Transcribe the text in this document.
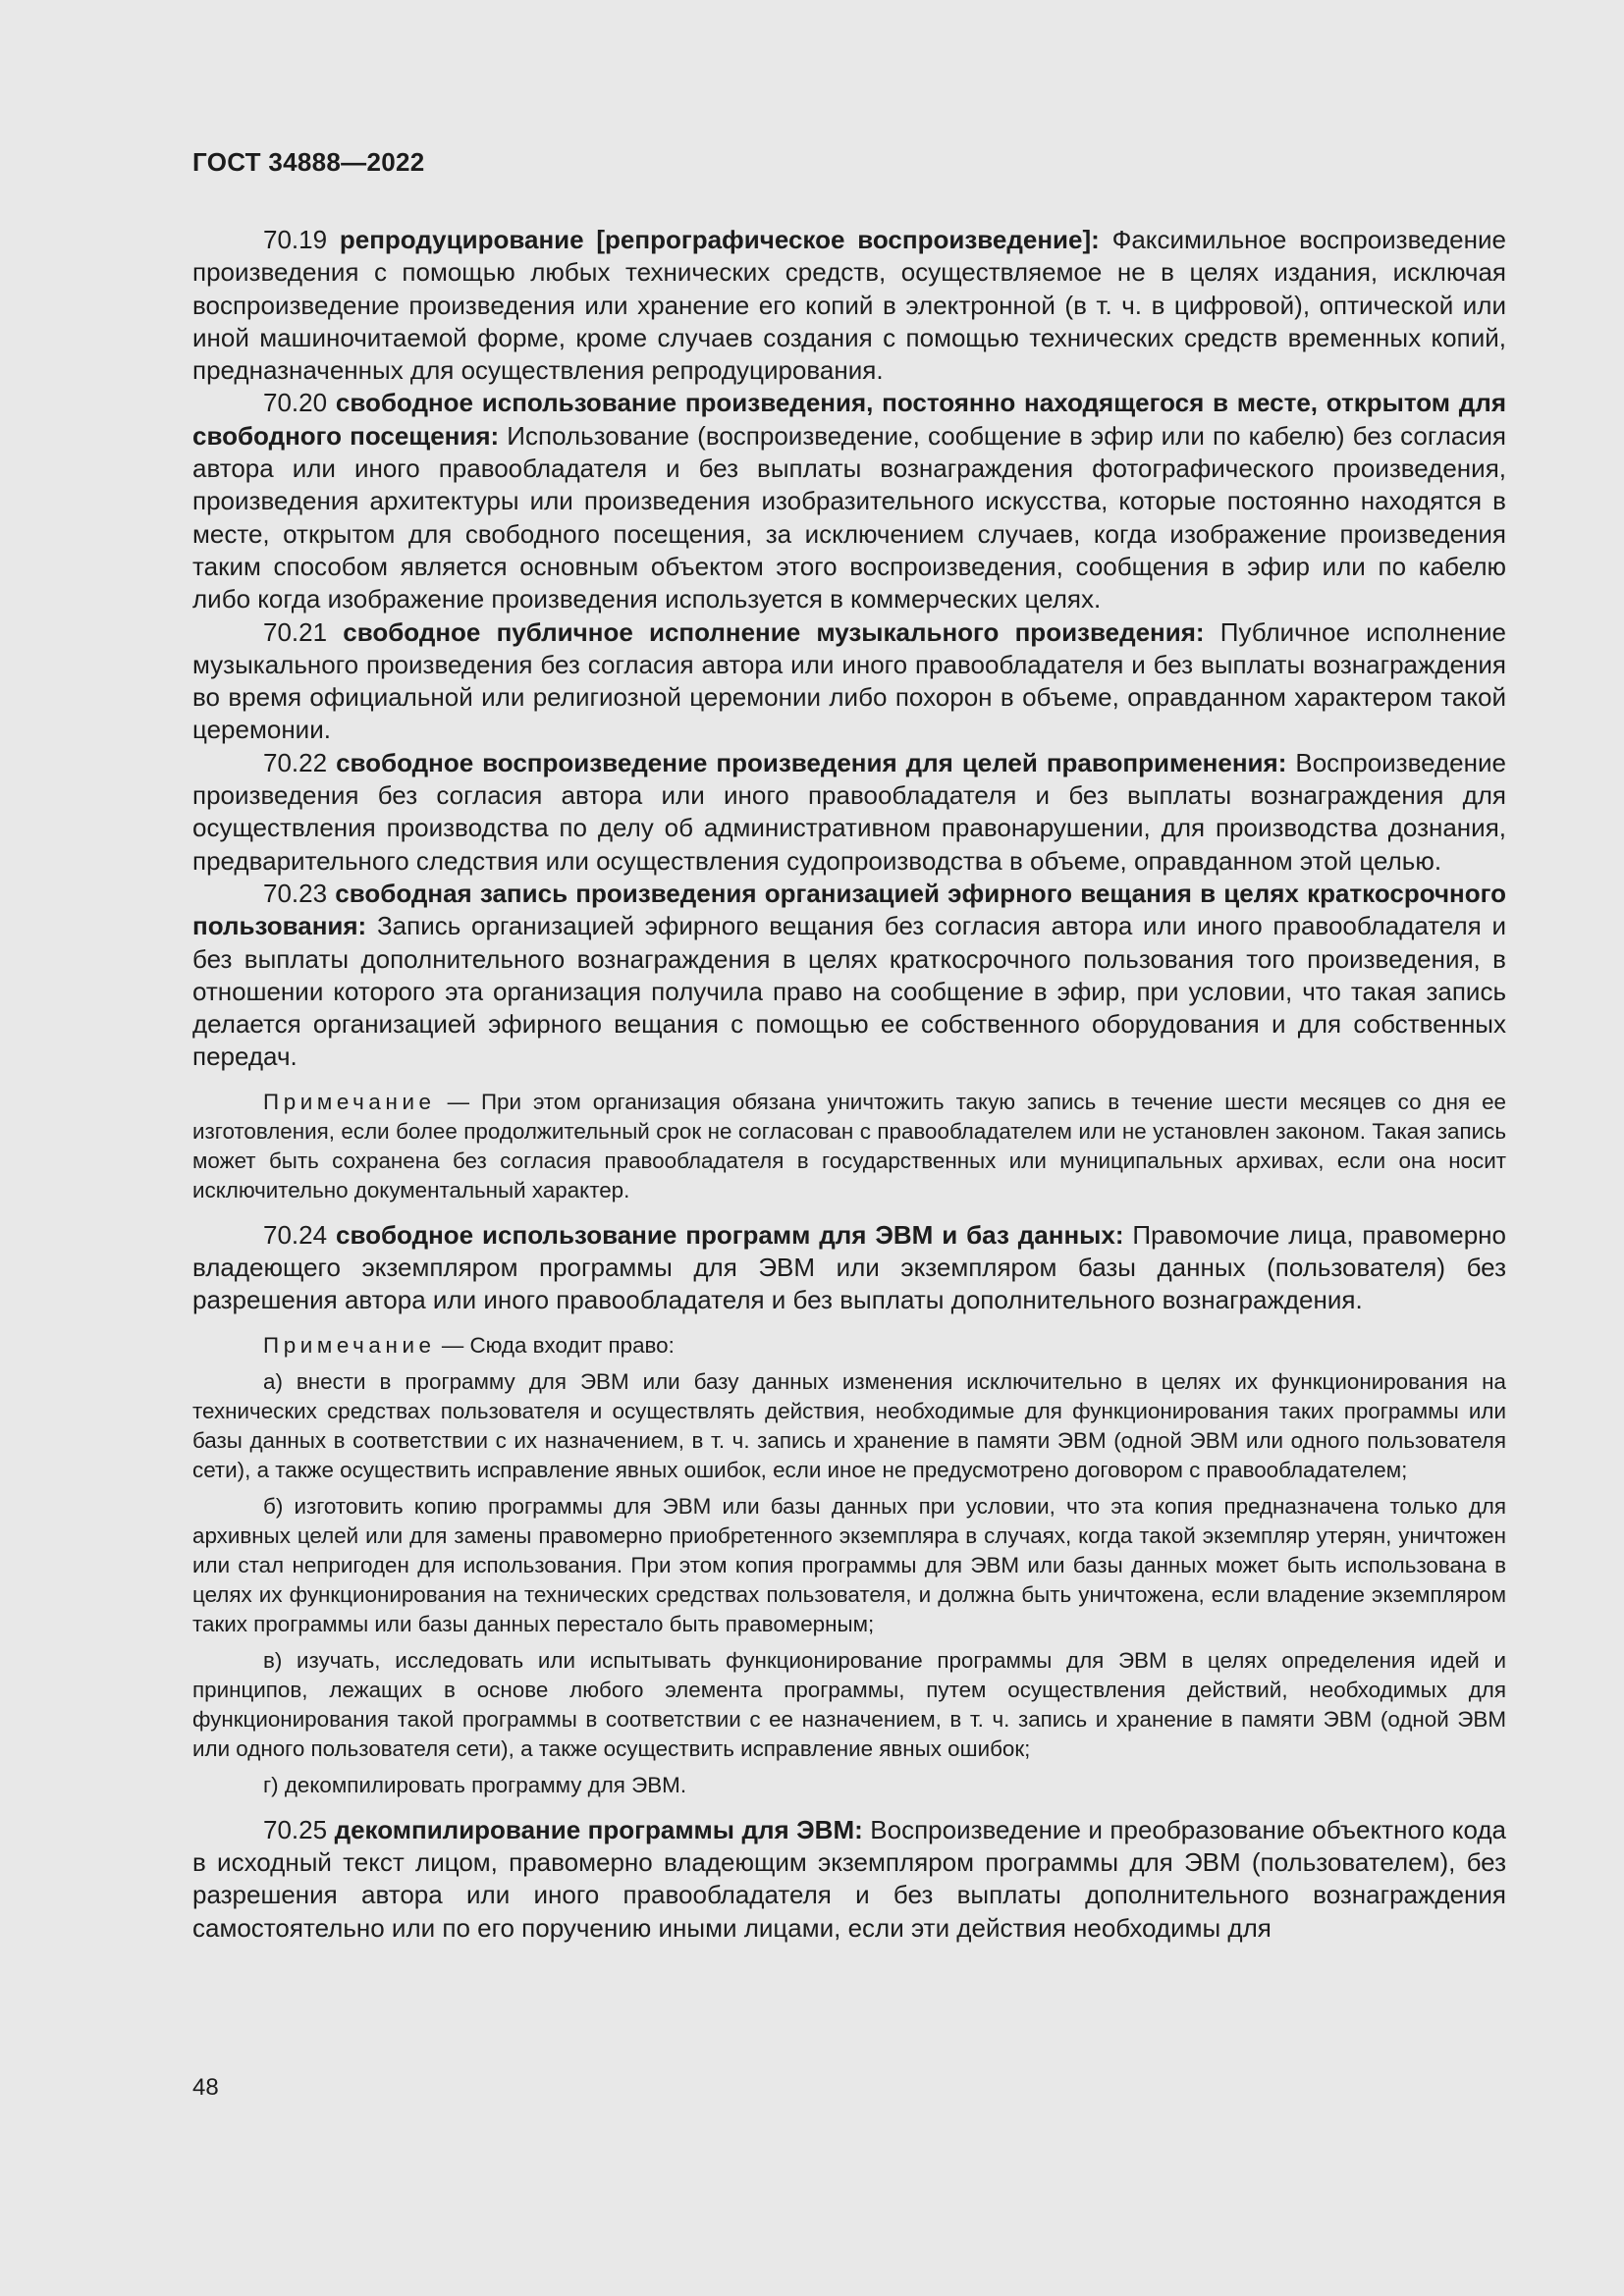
ГОСТ 34888—2022

70.19 репродуцирование [репрографическое воспроизведение]: Факсимильное воспроизведение произведения с помощью любых технических средств, осуществляемое не в целях издания, исключая воспроизведение произведения или хранение его копий в электронной (в т. ч. в цифровой), оптической или иной машиночитаемой форме, кроме случаев создания с помощью технических средств временных копий, предназначенных для осуществления репродуцирования.

70.20 свободное использование произведения, постоянно находящегося в месте, открытом для свободного посещения: Использование (воспроизведение, сообщение в эфир или по кабелю) без согласия автора или иного правообладателя и без выплаты вознаграждения фотографического произведения, произведения архитектуры или произведения изобразительного искусства, которые постоянно находятся в месте, открытом для свободного посещения, за исключением случаев, когда изображение произведения таким способом является основным объектом этого воспроизведения, сообщения в эфир или по кабелю либо когда изображение произведения используется в коммерческих целях.

70.21 свободное публичное исполнение музыкального произведения: Публичное исполнение музыкального произведения без согласия автора или иного правообладателя и без выплаты вознаграждения во время официальной или религиозной церемонии либо похорон в объеме, оправданном характером такой церемонии.

70.22 свободное воспроизведение произведения для целей правоприменения: Воспроизведение произведения без согласия автора или иного правообладателя и без выплаты вознаграждения для осуществления производства по делу об административном правонарушении, для производства дознания, предварительного следствия или осуществления судопроизводства в объеме, оправданном этой целью.

70.23 свободная запись произведения организацией эфирного вещания в целях краткосрочного пользования: Запись организацией эфирного вещания без согласия автора или иного правообладателя и без выплаты дополнительного вознаграждения в целях краткосрочного пользования того произведения, в отношении которого эта организация получила право на сообщение в эфир, при условии, что такая запись делается организацией эфирного вещания с помощью ее собственного оборудования и для собственных передач.

Примечание — При этом организация обязана уничтожить такую запись в течение шести месяцев со дня ее изготовления, если более продолжительный срок не согласован с правообладателем или не установлен законом. Такая запись может быть сохранена без согласия правообладателя в государственных или муниципальных архивах, если она носит исключительно документальный характер.

70.24 свободное использование программ для ЭВМ и баз данных: Правомочие лица, правомерно владеющего экземпляром программы для ЭВМ или экземпляром базы данных (пользователя) без разрешения автора или иного правообладателя и без выплаты дополнительного вознаграждения.

Примечание — Сюда входит право:

а) внести в программу для ЭВМ или базу данных изменения исключительно в целях их функционирования на технических средствах пользователя и осуществлять действия, необходимые для функционирования таких программы или базы данных в соответствии с их назначением, в т. ч. запись и хранение в памяти ЭВМ (одной ЭВМ или одного пользователя сети), а также осуществить исправление явных ошибок, если иное не предусмотрено договором с правообладателем;

б) изготовить копию программы для ЭВМ или базы данных при условии, что эта копия предназначена только для архивных целей или для замены правомерно приобретенного экземпляра в случаях, когда такой экземпляр утерян, уничтожен или стал непригоден для использования. При этом копия программы для ЭВМ или базы данных может быть использована в целях их функционирования на технических средствах пользователя, и должна быть уничтожена, если владение экземпляром таких программы или базы данных перестало быть правомерным;

в) изучать, исследовать или испытывать функционирование программы для ЭВМ в целях определения идей и принципов, лежащих в основе любого элемента программы, путем осуществления действий, необходимых для функционирования такой программы в соответствии с ее назначением, в т. ч. запись и хранение в памяти ЭВМ (одной ЭВМ или одного пользователя сети), а также осуществить исправление явных ошибок;

г) декомпилировать программу для ЭВМ.

70.25 декомпилирование программы для ЭВМ: Воспроизведение и преобразование объектного кода в исходный текст лицом, правомерно владеющим экземпляром программы для ЭВМ (пользователем), без разрешения автора или иного правообладателя и без выплаты дополнительного вознаграждения самостоятельно или по его поручению иными лицами, если эти действия необходимы для

48
